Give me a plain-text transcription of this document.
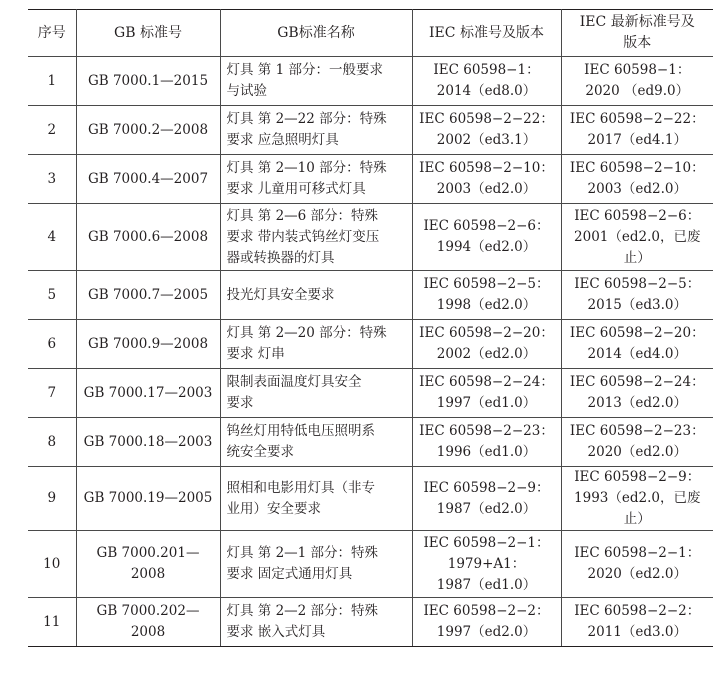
序号	GB 标准号	GB标准名称	IEC 标准号及版本	IEC 最新标准号及
版本

1	GB 7000.1—2015	灯具 第 1 部分：一般要求
与试验	IEC 60598−1：
2014（ed8.0）	IEC 60598−1：
2020 （ed9.0）

2	GB 7000.2—2008	灯具 第 2—22 部分：特殊
要求 应急照明灯具	IEC 60598−2−22：
2002（ed3.1）	IEC 60598−2−22：
2017（ed4.1）

3	GB 7000.4—2007	灯具 第 2—10 部分：特殊
要求 儿童用可移式灯具	IEC 60598−2−10：
2003（ed2.0）	IEC 60598−2−10：
2003（ed2.0）

4	GB 7000.6—2008	灯具 第 2—6 部分：特殊
要求 带内装式钨丝灯变压
器或转换器的灯具	IEC 60598−2−6：
1994（ed2.0）	IEC 60598−2−6：
2001（ed2.0，已废止）

5	GB 7000.7—2005	投光灯具安全要求	IEC 60598−2−5：
1998（ed2.0）	IEC 60598−2−5：
2015（ed3.0）

6	GB 7000.9—2008	灯具 第 2—20 部分：特殊
要求 灯串	IEC 60598−2−20：
2002（ed2.0）	IEC 60598−2−20：
2014（ed4.0）

7	GB 7000.17—2003	限制表面温度灯具安全
要求	IEC 60598−2−24：
1997（ed1.0）	IEC 60598−2−24：
2013（ed2.0）

8	GB 7000.18—2003	钨丝灯用特低电压照明系
统安全要求	IEC 60598−2−23：
1996（ed1.0）	IEC 60598−2−23：
2020（ed2.0）

9	GB 7000.19—2005	照相和电影用灯具（非专
业用）安全要求	IEC 60598−2−9：
1987（ed2.0）	IEC 60598−2−9：
1993（ed2.0，已废止）

10	GB 7000.201—2008	灯具 第 2—1 部分：特殊
要求 固定式通用灯具	IEC 60598−2−1：
1979+A1：
1987（ed1.0）	IEC 60598−2−1：
2020（ed2.0）

11	GB 7000.202—2008	灯具 第 2—2 部分：特殊
要求 嵌入式灯具	IEC 60598−2−2：
1997（ed2.0）	IEC 60598−2−2：
2011（ed3.0）
